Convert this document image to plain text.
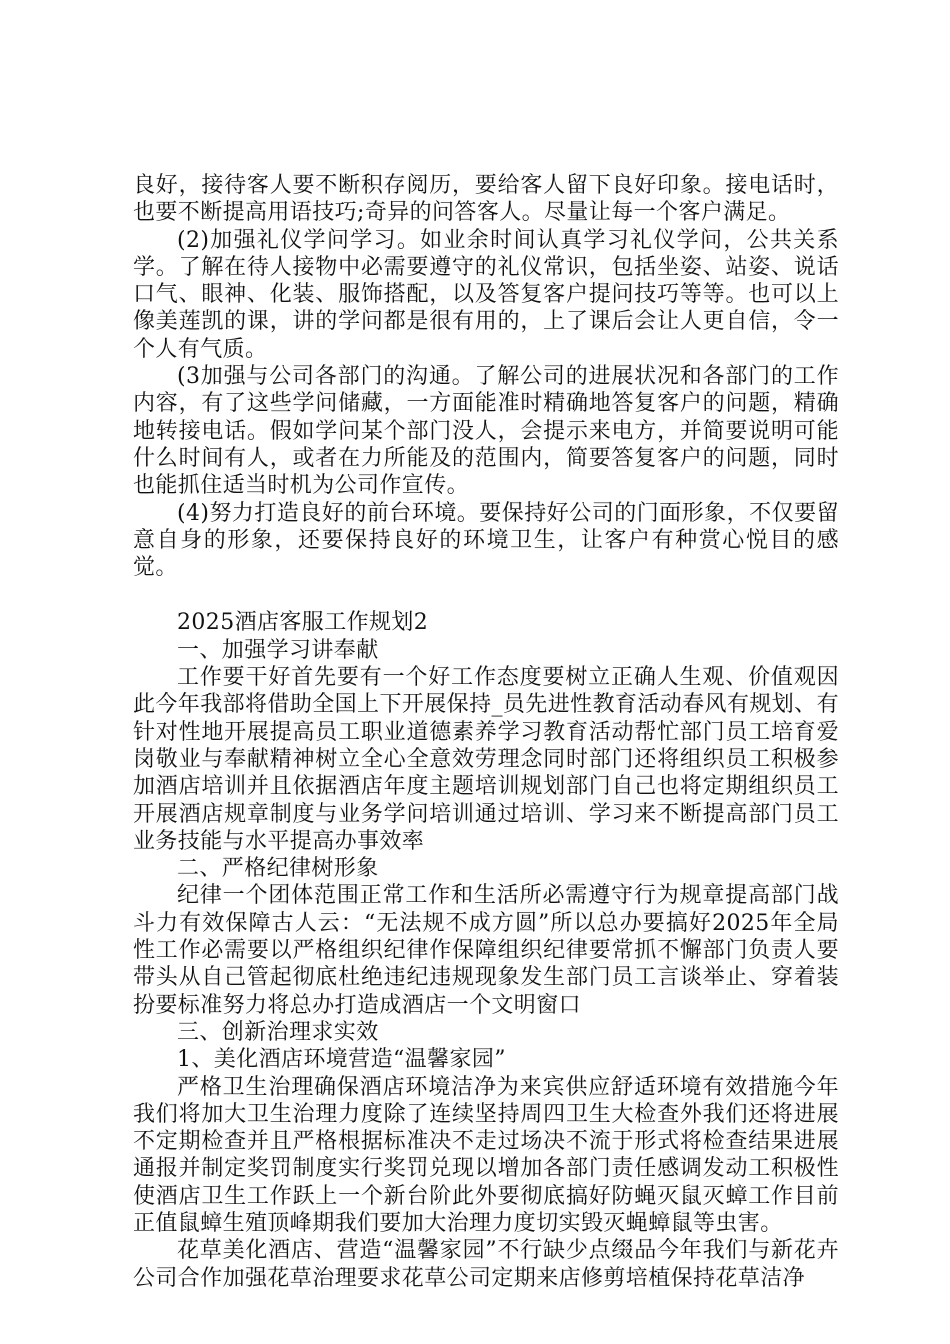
良好，接待客人要不断积存阅历，要给客人留下良好印象。接电话时，也要不断提高用语技巧;奇异的问答客人。尽量让每一个客户满足。

(2)加强礼仪学问学习。如业余时间认真学习礼仪学问，公共关系学。了解在待人接物中必需要遵守的礼仪常识，包括坐姿、站姿、说话口气、眼神、化装、服饰搭配，以及答复客户提问技巧等等。也可以上像美莲凯的课，讲的学问都是很有用的，上了课后会让人更自信，令一个人有气质。

(3加强与公司各部门的沟通。了解公司的进展状况和各部门的工作内容，有了这些学问储藏，一方面能准时精确地答复客户的问题，精确地转接电话。假如学问某个部门没人，会提示来电方，并简要说明可能什么时间有人，或者在力所能及的范围内，简要答复客户的问题，同时也能抓住适当时机为公司作宣传。

(4)努力打造良好的前台环境。要保持好公司的门面形象，不仅要留意自身的形象，还要保持良好的环境卫生，让客户有种赏心悦目的感觉。

2025酒店客服工作规划2

一、加强学习讲奉献

工作要干好首先要有一个好工作态度要树立正确人生观、价值观因此今年我部将借助全国上下开展保持_员先进性教育活动春风有规划、有针对性地开展提高员工职业道德素养学习教育活动帮忙部门员工培育爱岗敬业与奉献精神树立全心全意效劳理念同时部门还将组织员工积极参加酒店培训并且依据酒店年度主题培训规划部门自己也将定期组织员工开展酒店规章制度与业务学问培训通过培训、学习来不断提高部门员工业务技能与水平提高办事效率

二、严格纪律树形象

纪律一个团体范围正常工作和生活所必需遵守行为规章提高部门战斗力有效保障古人云：“无法规不成方圆”所以总办要搞好2025年全局性工作必需要以严格组织纪律作保障组织纪律要常抓不懈部门负责人要带头从自己管起彻底杜绝违纪违规现象发生部门员工言谈举止、穿着装扮要标准努力将总办打造成酒店一个文明窗口

三、创新治理求实效

1、美化酒店环境营造“温馨家园”

严格卫生治理确保酒店环境洁净为来宾供应舒适环境有效措施今年我们将加大卫生治理力度除了连续坚持周四卫生大检查外我们还将进展不定期检查并且严格根据标准决不走过场决不流于形式将检查结果进展通报并制定奖罚制度实行奖罚兑现以增加各部门责任感调发动工积极性使酒店卫生工作跃上一个新台阶此外要彻底搞好防蝇灭鼠灭蟑工作目前正值鼠蟑生殖顶峰期我们要加大治理力度切实毁灭蝇蟑鼠等虫害。

花草美化酒店、营造“温馨家园”不行缺少点缀品今年我们与新花卉公司合作加强花草治理要求花草公司定期来店修剪培植保持花草洁净
